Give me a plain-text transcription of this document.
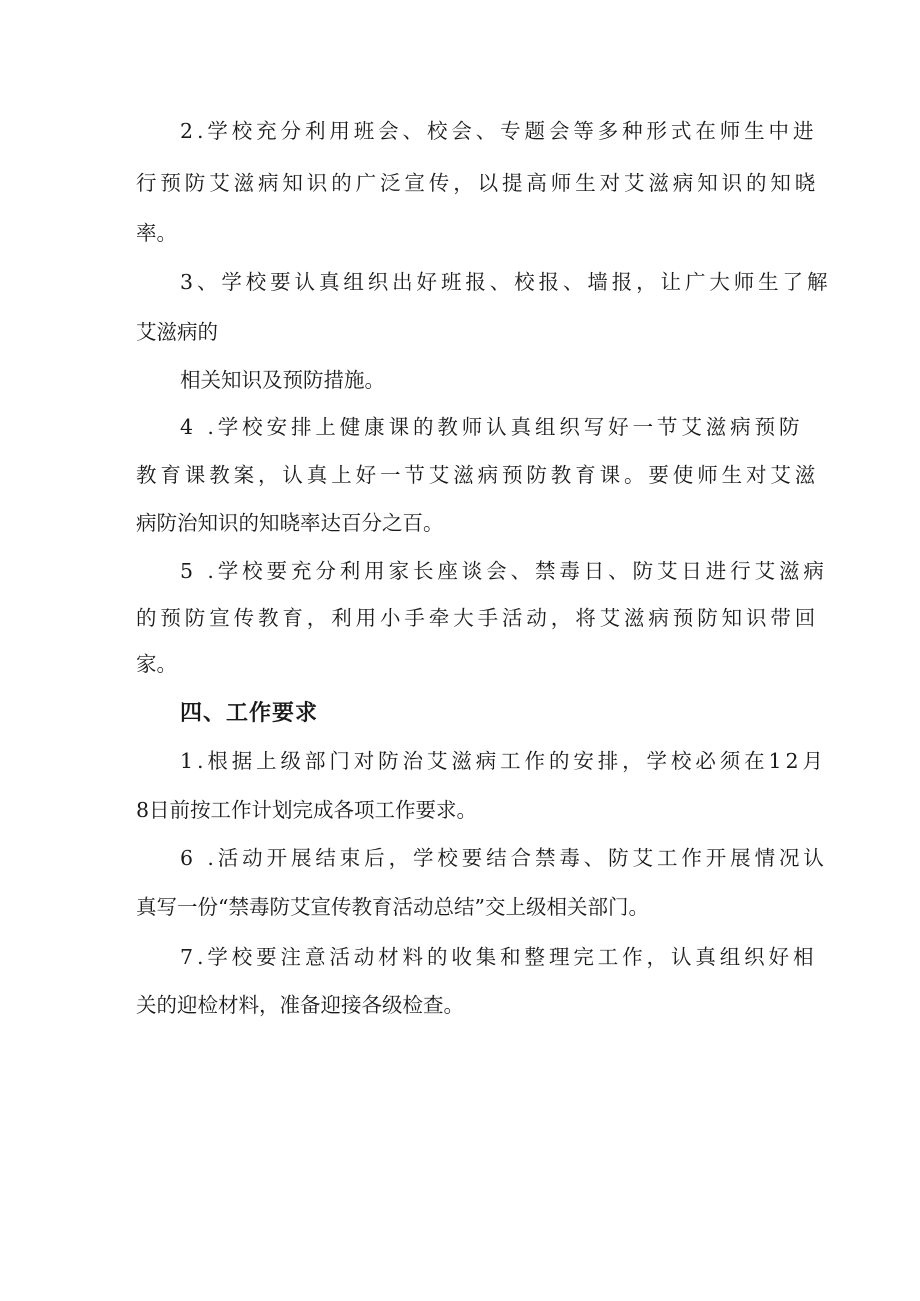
2.学校充分利用班会、校会、专题会等多种形式在师生中进
行预防艾滋病知识的广泛宣传，以提高师生对艾滋病知识的知晓
率。
3、学校要认真组织出好班报、校报、墙报，让广大师生了解
艾滋病的
相关知识及预防措施。
4 .学校安排上健康课的教师认真组织写好一节艾滋病预防
教育课教案，认真上好一节艾滋病预防教育课。要使师生对艾滋
病防治知识的知晓率达百分之百。
5 .学校要充分利用家长座谈会、禁毒日、防艾日进行艾滋病
的预防宣传教育，利用小手牵大手活动，将艾滋病预防知识带回
家。
四、工作要求
1.根据上级部门对防治艾滋病工作的安排，学校必须在12月
8日前按工作计划完成各项工作要求。
6 .活动开展结束后，学校要结合禁毒、防艾工作开展情况认
真写一份“禁毒防艾宣传教育活动总结”交上级相关部门。
7.学校要注意活动材料的收集和整理完工作，认真组织好相
关的迎检材料，准备迎接各级检查。
